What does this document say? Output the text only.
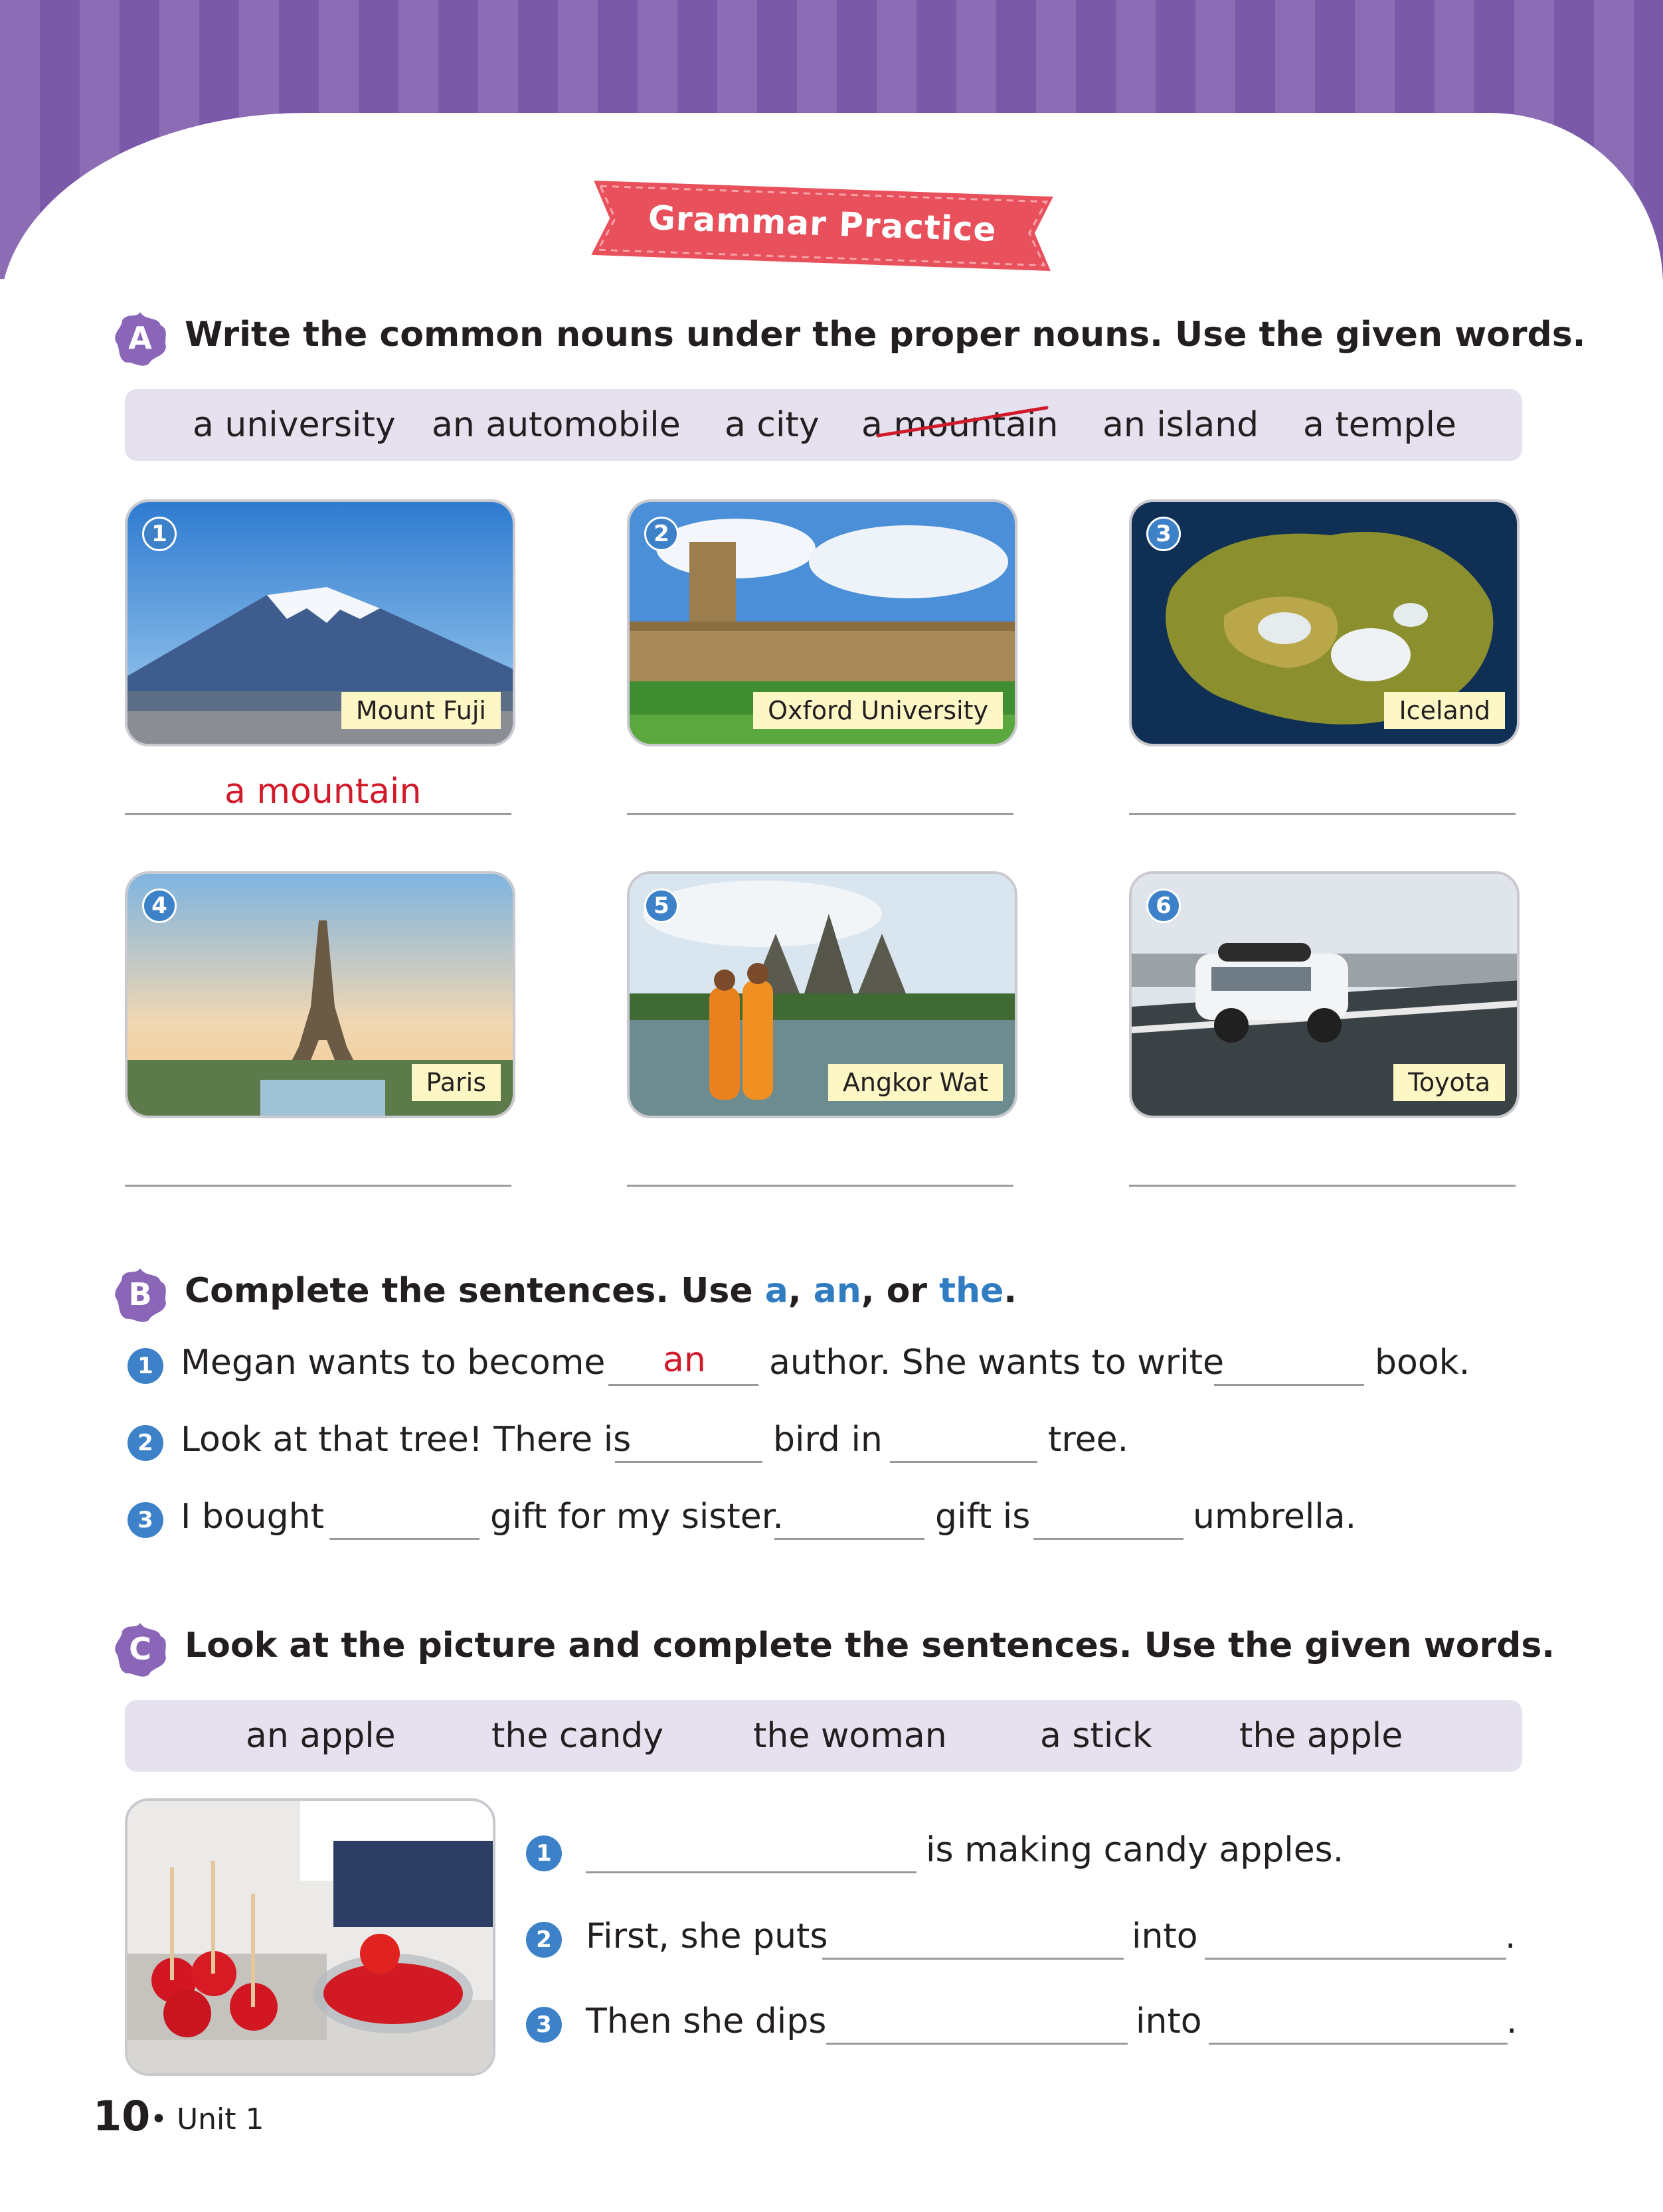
Grammar Practice
A Write the common nouns under the proper nouns. Use the given words.
a university an automobile a city a mountain an island a temple
1
Mount Fuji
2
Oxford University
3
Iceland
a mountain
4
Paris
5
Angkor Wat
6
Toyota
B Complete the sentences. Use a, an, or the.
1 Megan wants to become an author. She wants to write	book.
2 Look at that tree! There is	bird in	tree.
3 I bought	gift for my sister.	gift is	umbrella.
C Look at the picture and complete the sentences. Use the given words.
an apple	the candy	the woman	a stick	the apple
1	is making candy apples.
2 First, she puts	into	.
3 Then she dips	into	.
10 • Unit 1
